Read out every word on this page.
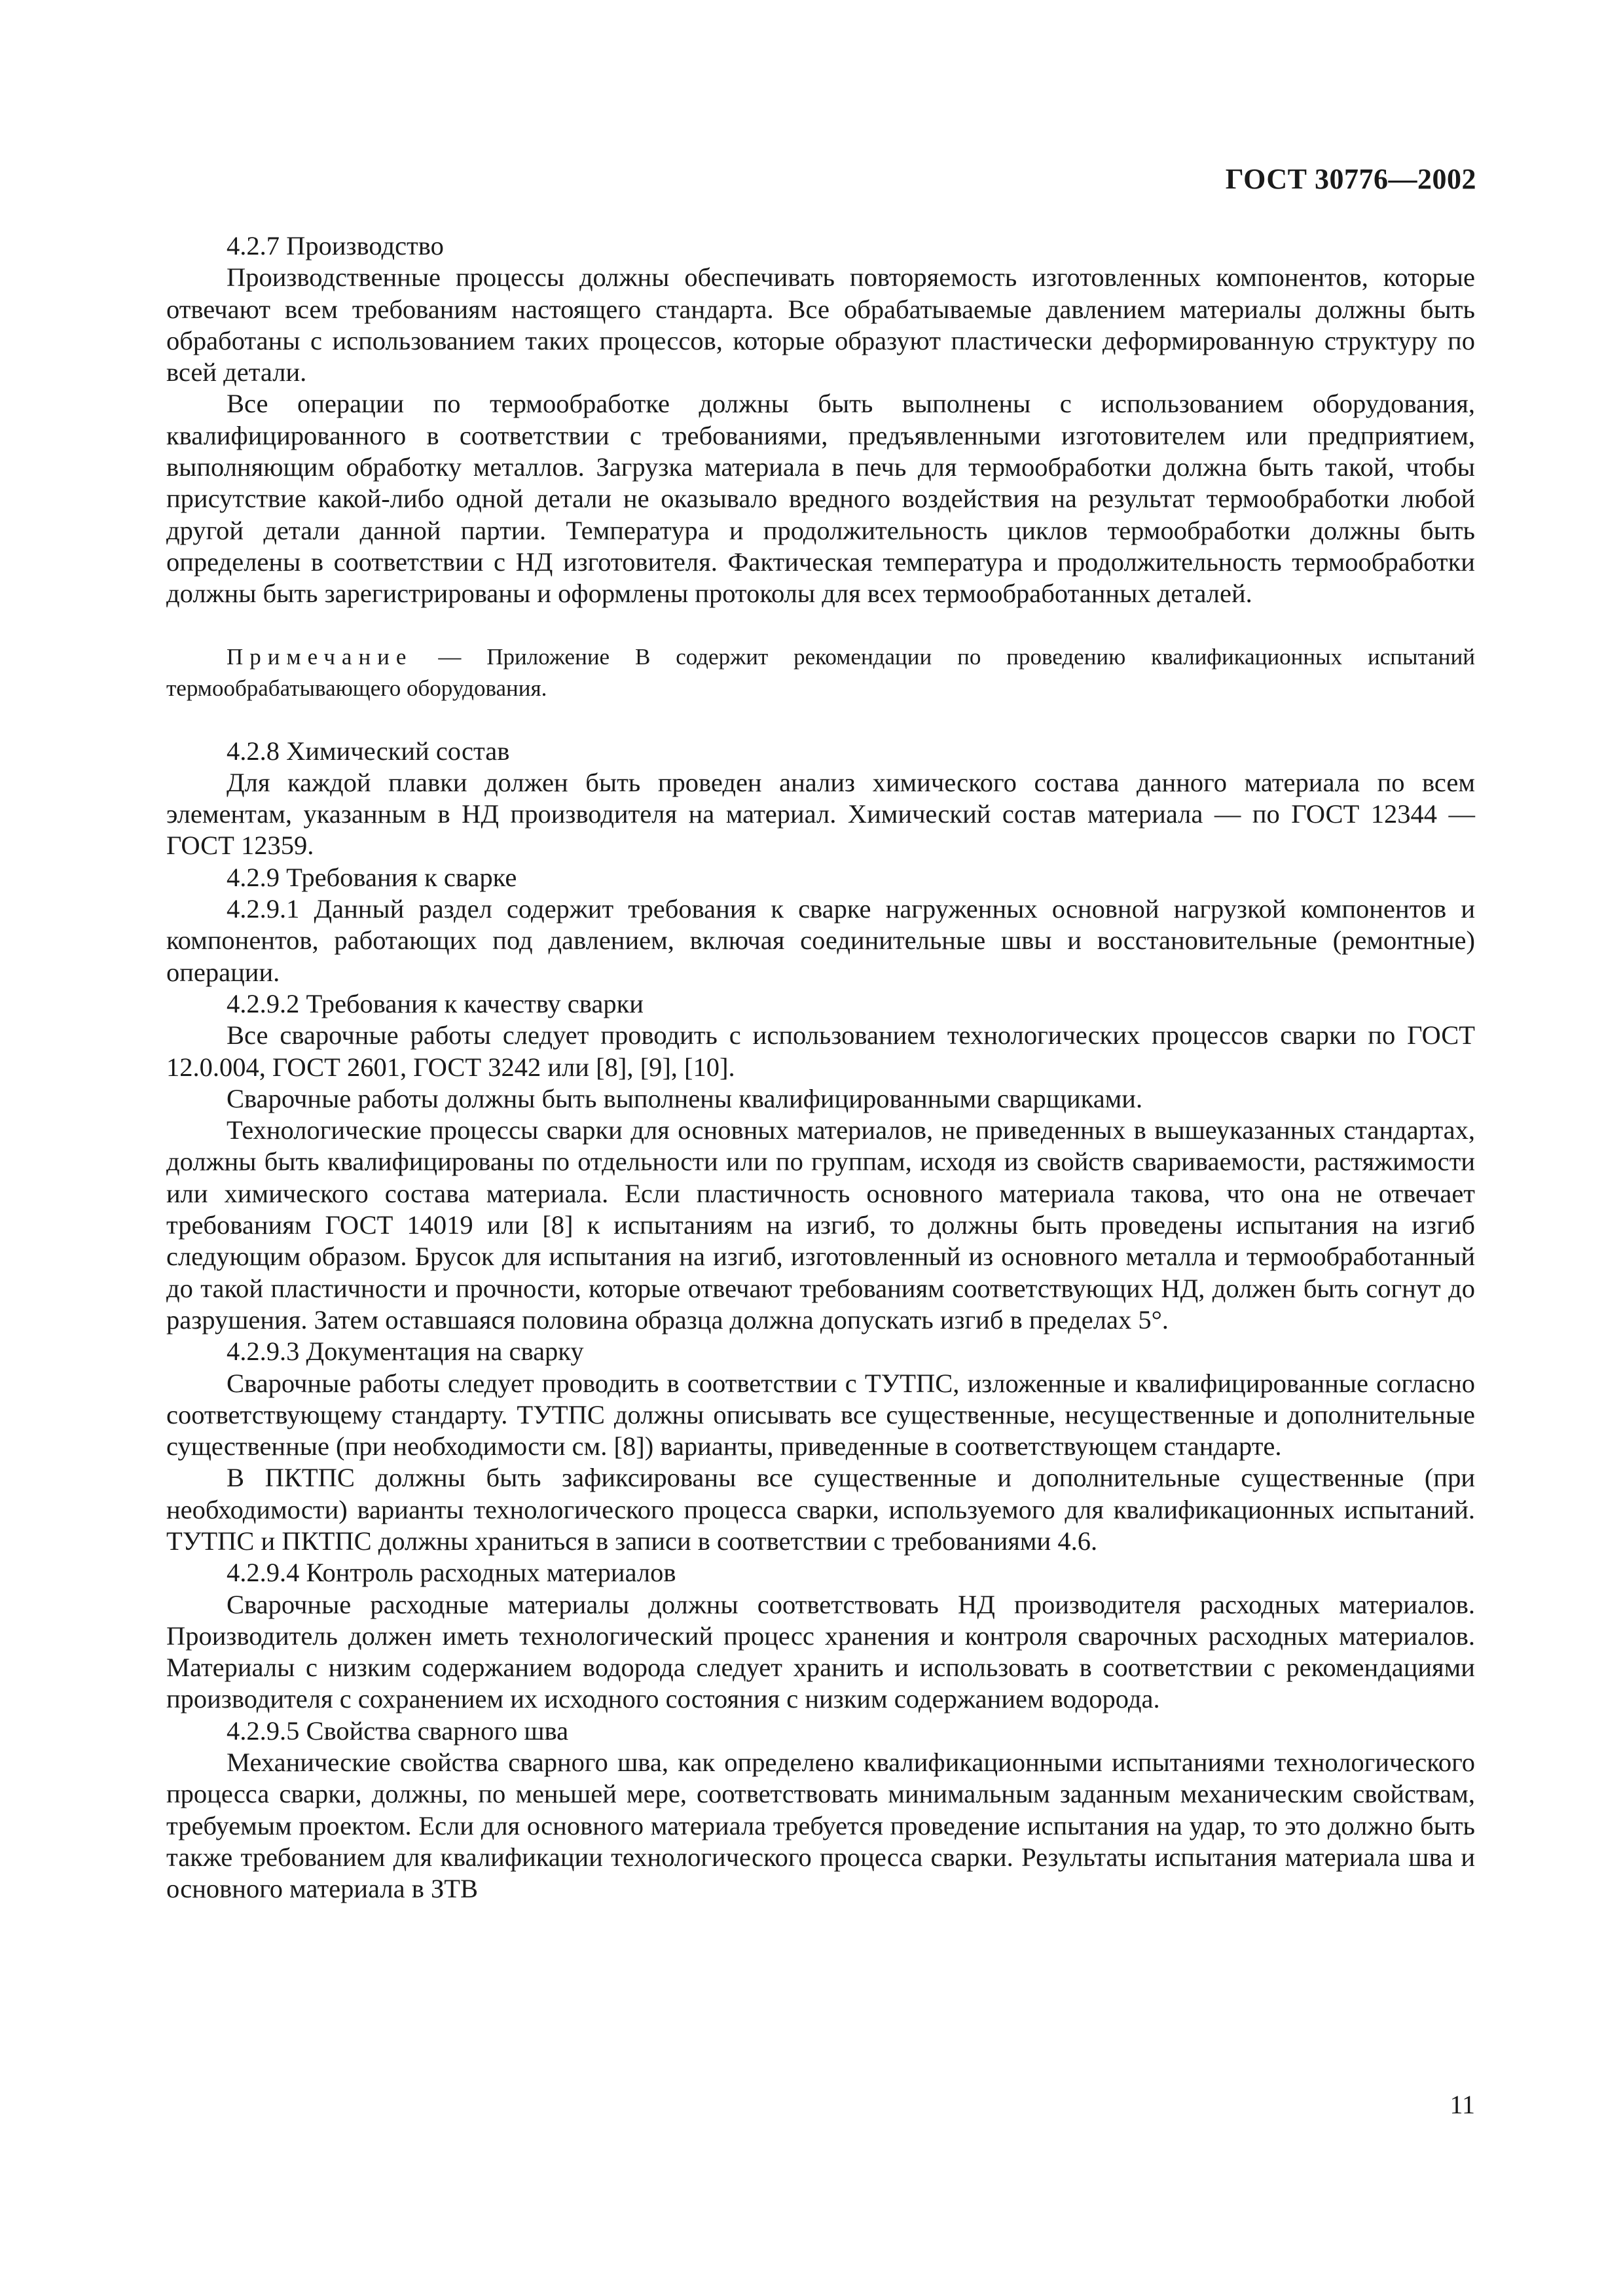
ГОСТ 30776—2002

4.2.7 Производство

Производственные процессы должны обеспечивать повторяемость изготовленных компонентов, которые отвечают всем требованиям настоящего стандарта. Все обрабатываемые давлением материалы должны быть обработаны с использованием таких процессов, которые образуют пластически деформированную структуру по всей детали.

Все операции по термообработке должны быть выполнены с использованием оборудования, квалифицированного в соответствии с требованиями, предъявленными изготовителем или предприятием, выполняющим обработку металлов. Загрузка материала в печь для термообработки должна быть такой, чтобы присутствие какой-либо одной детали не оказывало вредного воздействия на результат термообработки любой другой детали данной партии. Температура и продолжительность циклов термообработки должны быть определены в соответствии с НД изготовителя. Фактическая температура и продолжительность термообработки должны быть зарегистрированы и оформлены протоколы для всех термообработанных деталей.

Примечание — Приложение В содержит рекомендации по проведению квалификационных испытаний термообрабатывающего оборудования.

4.2.8 Химический состав

Для каждой плавки должен быть проведен анализ химического состава данного материала по всем элементам, указанным в НД производителя на материал. Химический состав материала — по ГОСТ 12344 — ГОСТ 12359.

4.2.9 Требования к сварке

4.2.9.1 Данный раздел содержит требования к сварке нагруженных основной нагрузкой компонентов и компонентов, работающих под давлением, включая соединительные швы и восстановительные (ремонтные) операции.

4.2.9.2 Требования к качеству сварки

Все сварочные работы следует проводить с использованием технологических процессов сварки по ГОСТ 12.0.004, ГОСТ 2601, ГОСТ 3242 или [8], [9], [10].

Сварочные работы должны быть выполнены квалифицированными сварщиками.

Технологические процессы сварки для основных материалов, не приведенных в вышеуказанных стандартах, должны быть квалифицированы по отдельности или по группам, исходя из свойств свариваемости, растяжимости или химического состава материала. Если пластичность основного материала такова, что она не отвечает требованиям ГОСТ 14019 или [8] к испытаниям на изгиб, то должны быть проведены испытания на изгиб следующим образом. Брусок для испытания на изгиб, изготовленный из основного металла и термообработанный до такой пластичности и прочности, которые отвечают требованиям соответствующих НД, должен быть согнут до разрушения. Затем оставшаяся половина образца должна допускать изгиб в пределах 5°.

4.2.9.3 Документация на сварку

Сварочные работы следует проводить в соответствии с ТУТПС, изложенные и квалифицированные согласно соответствующему стандарту. ТУТПС должны описывать все существенные, несущественные и дополнительные существенные (при необходимости см. [8]) варианты, приведенные в соответствующем стандарте.

В ПКТПС должны быть зафиксированы все существенные и дополнительные существенные (при необходимости) варианты технологического процесса сварки, используемого для квалификационных испытаний. ТУТПС и ПКТПС должны храниться в записи в соответствии с требованиями 4.6.

4.2.9.4 Контроль расходных материалов

Сварочные расходные материалы должны соответствовать НД производителя расходных материалов. Производитель должен иметь технологический процесс хранения и контроля сварочных расходных материалов. Материалы с низким содержанием водорода следует хранить и использовать в соответствии с рекомендациями производителя с сохранением их исходного состояния с низким содержанием водорода.

4.2.9.5 Свойства сварного шва

Механические свойства сварного шва, как определено квалификационными испытаниями технологического процесса сварки, должны, по меньшей мере, соответствовать минимальным заданным механическим свойствам, требуемым проектом. Если для основного материала требуется проведение испытания на удар, то это должно быть также требованием для квалификации технологического процесса сварки. Результаты испытания материала шва и основного материала в ЗТВ

11
